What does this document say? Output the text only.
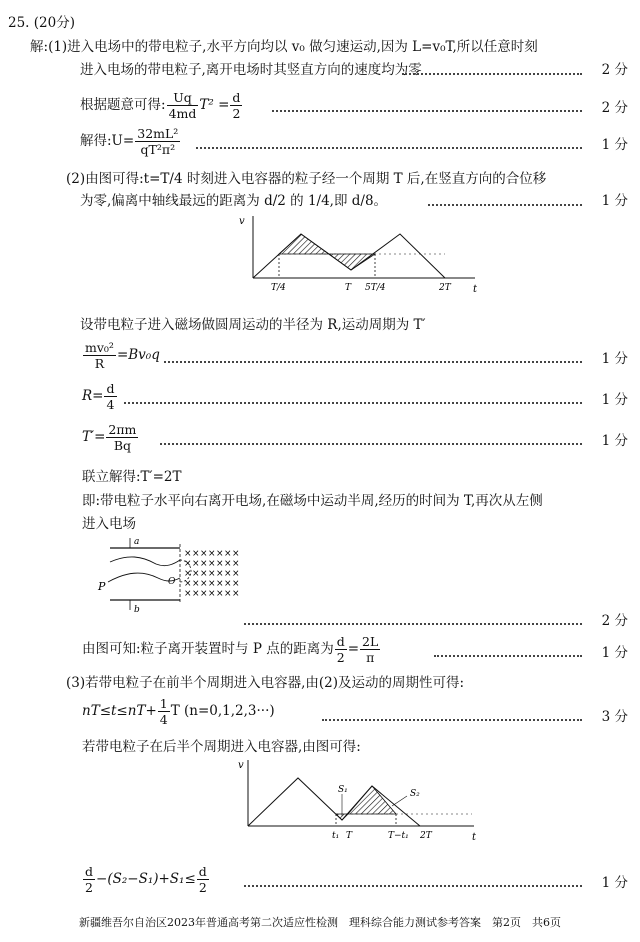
25. (20分)
解:(1)进入电场中的带电粒子,水平方向均以 v₀ 做匀速运动,因为 L=v₀T,所以任意时刻
进入电场的带电粒子,离开电场时其竖直方向的速度均为零	2 分
根据题意可得: $\frac{Uq}{4md} T^2 = \frac{d}{2}$	2 分
解得:U= $\frac{\text{32mL²}}{\text{qT²π²}}$	1 分
(2)由图可得:t=T/4 时刻进入电容器的粒子经一个周期 T 后,在竖直方向的合位移
为零,偏离中轴线最远的距离为 d/2 的 1/4,即 d/8。	1 分
v
t
T/4	T 5T/4	2T
设带电粒子进入磁场做圆周运动的半径为 R,运动周期为 T′
$\frac{\text{mv₀²}}{R} =Bv_0q$	1 分
$R= \frac{d}{4}$	1 分
$T'= \frac{2\pi m}{Bq}$	1 分
联立解得:T′=2T
即:带电粒子水平向右离开电场,在磁场中运动半周,经历的时间为 T,再次从左侧
进入电场
a
b
P	O
× × × × × × ×
× × × × × × ×
× × × × × × ×
× × × × × × ×
× × × × × × ×
2 分
由图可知:粒子离开装置时与 P 点的距离为 $\frac{d}{2} = \frac{2L}{\pi}$	1 分
(3)若带电粒子在前半个周期进入电容器,由(2)及运动的周期性可得:
$nT\le t\le nT+ \frac{1}{4}$ T (n=0,1,2,3···)	3 分
若带电粒子在后半个周期进入电容器,由图可得:
v
t
S₁	S₂
t₁ T	T−t₁ 2T
$\frac{d}{2} -(S_2-S_1)+S_1\le \frac{d}{2}$	1 分
新疆维吾尔自治区2023年普通高考第二次适应性检测　理科综合能力测试参考答案　第2页　共6页
